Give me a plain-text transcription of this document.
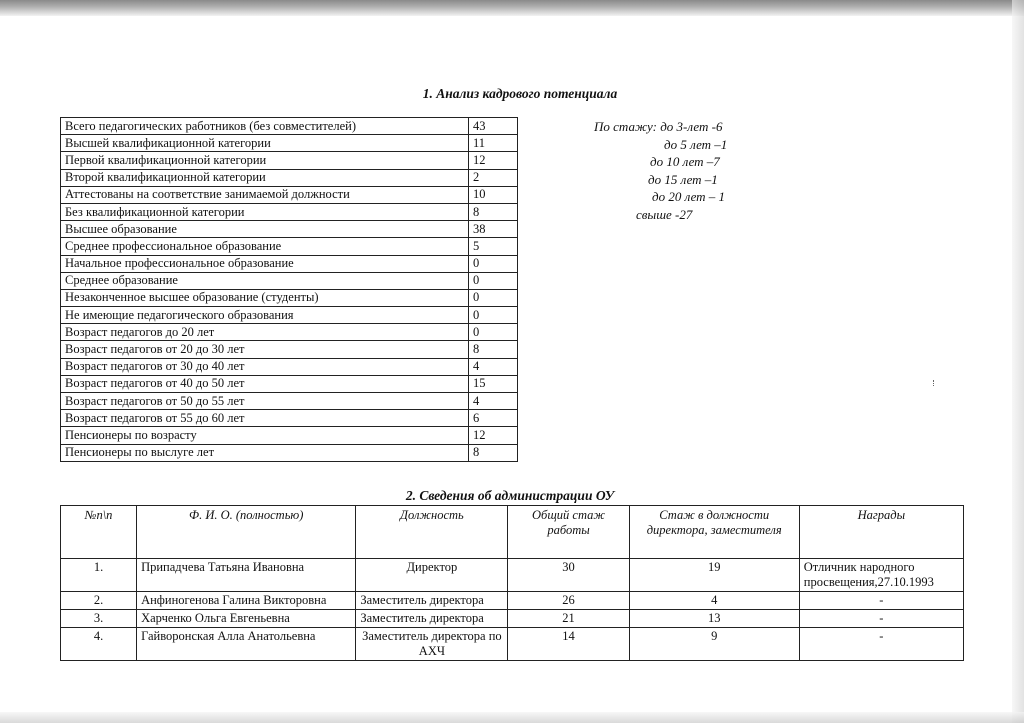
1. Анализ кадрового потенциала
Всего педагогических работников (без совместителей)	43
Высшей квалификационной категории	11
Первой квалификационной категории	12
Второй квалификационной категории	2
Аттестованы на соответствие занимаемой должности	10
Без квалификационной категории	8
Высшее образование	38
Среднее профессиональное образование	5
Начальное профессиональное образование	0
Среднее образование	0
Незаконченное высшее образование (студенты)	0
Не имеющие педагогического образования	0
Возраст педагогов до 20 лет	0
Возраст педагогов от 20 до 30 лет	8
Возраст педагогов от 30 до 40 лет	4
Возраст педагогов от 40 до 50 лет	15
Возраст педагогов от 50 до 55 лет	4
Возраст педагогов от 55 до 60 лет	6
Пенсионеры по возрасту	12
Пенсионеры по выслуге лет	8
По стажу: до 3-лет -6
до 5 лет –1
до 10 лет –7
до 15 лет –1
до 20 лет – 1
свыше -27
2. Сведения об администрации ОУ
№п\п	Ф. И. О. (полностью)	Должность	Общий стаж работы	Стаж в должности директора, заместителя	Награды
1.	Припадчева Татьяна Ивановна	Директор	30	19	Отличник народного просвещения,27.10.1993
2.	Анфиногенова Галина Викторовна	Заместитель директора	26	4	-
3.	Харченко Ольга Евгеньевна	Заместитель директора	21	13	-
4.	Гайворонская Алла Анатольевна	Заместитель директора по АХЧ	14	9	-
